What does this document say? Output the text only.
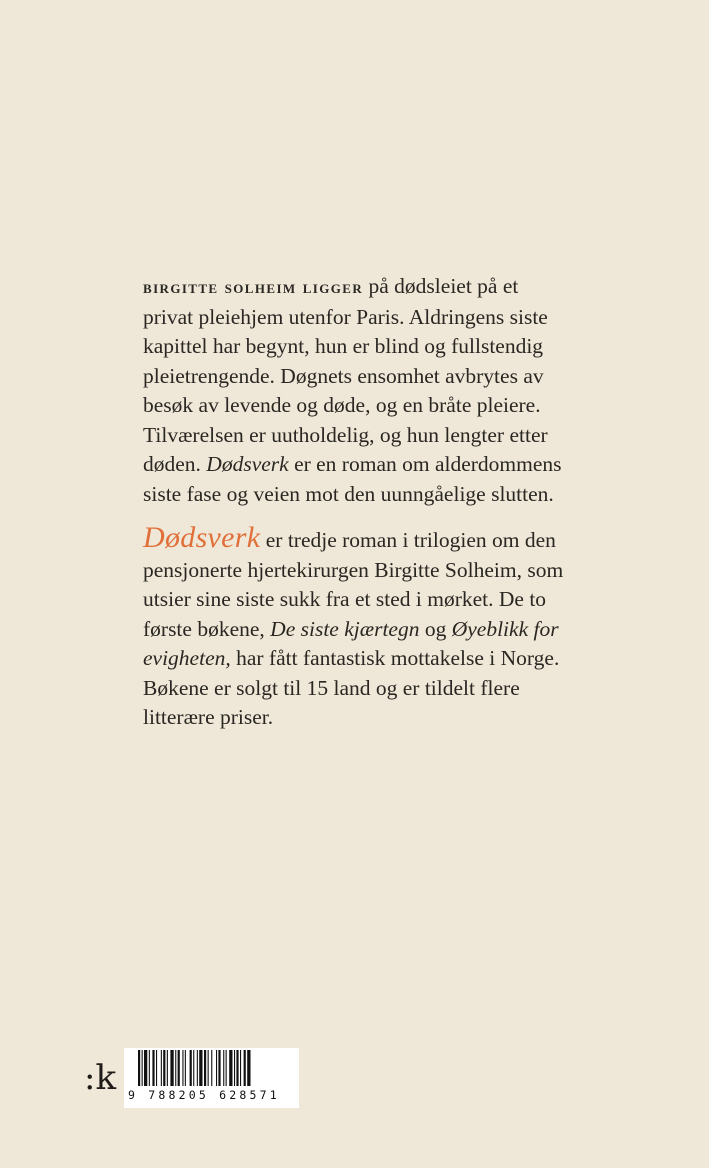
birgitte solheim ligger på dødsleiet på et
privat pleiehjem utenfor Paris. Aldringens siste
kapittel har begynt, hun er blind og fullstendig
pleietrengende. Døgnets ensomhet avbrytes av
besøk av levende og døde, og en bråte pleiere.
Tilværelsen er uutholdelig, og hun lengter etter
døden. Dødsverk er en roman om alderdommens
siste fase og veien mot den uunngåelige slutten.

Dødsverk er tredje roman i trilogien om den
pensjonerte hjertekirurgen Birgitte Solheim, som
utsier sine siste sukk fra et sted i mørket. De to
første bøkene, De siste kjærtegn og Øyeblikk for
evigheten, har fått fantastisk mottakelse i Norge.
Bøkene er solgt til 15 land og er tildelt flere
litterære priser.

:k 9 788205 628571
